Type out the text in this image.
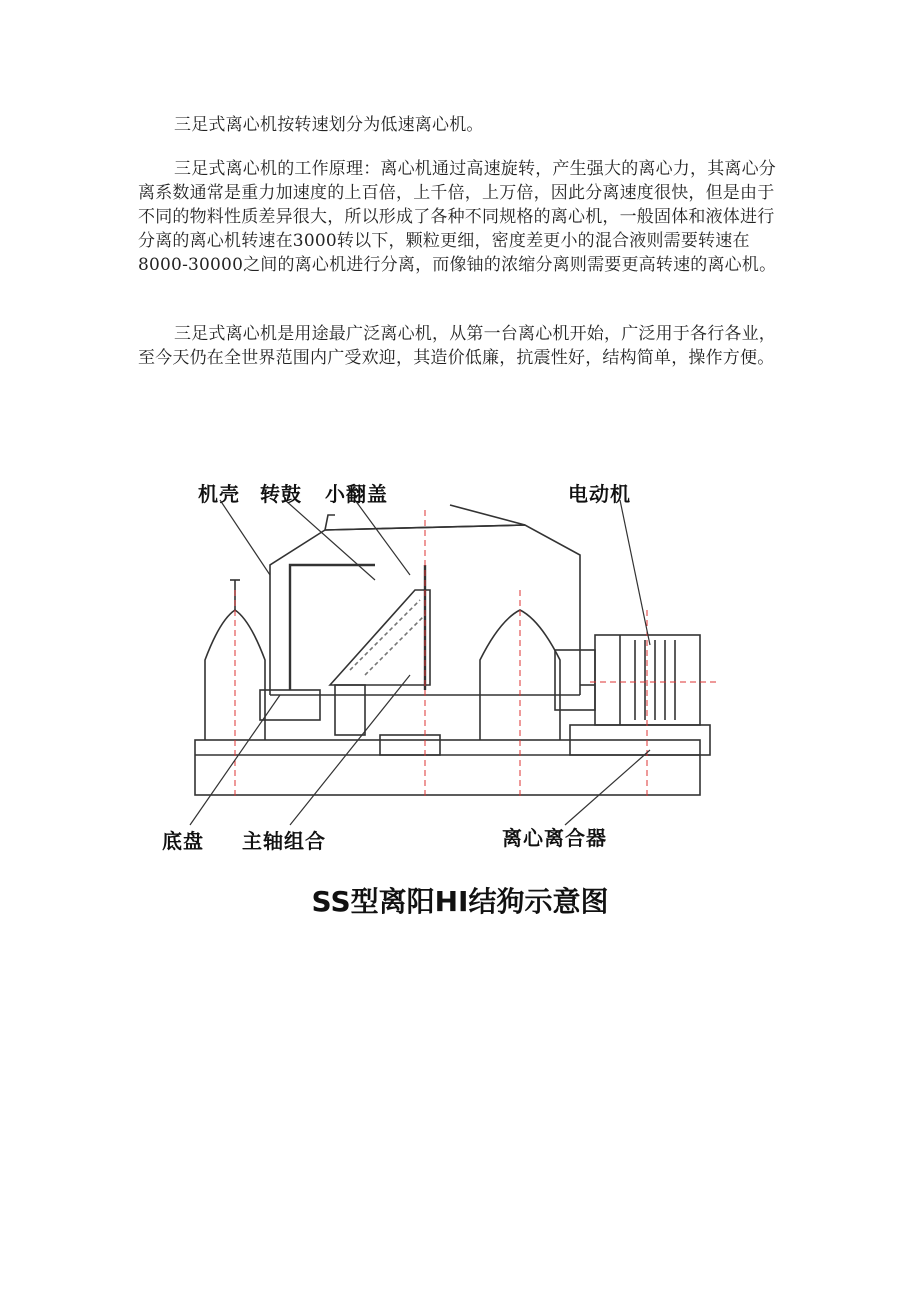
三足式离心机按转速划分为低速离心机。

三足式离心机的工作原理：离心机通过高速旋转，产生强大的离心力，其离心分离系数通常是重力加速度的上百倍，上千倍，上万倍，因此分离速度很快，但是由于不同的物料性质差异很大，所以形成了各种不同规格的离心机，一般固体和液体进行分离的离心机转速在3000转以下，颗粒更细，密度差更小的混合液则需要转速在8000-30000之间的离心机进行分离，而像铀的浓缩分离则需要更高转速的离心机。

三足式离心机是用途最广泛离心机，从第一台离心机开始，广泛用于各行各业，至今天仍在全世界范围内广受欢迎，其造价低廉，抗震性好，结构简单，操作方便。

机壳 转鼓 小翻盖	电动机
底盘 主轴组合	离心离合器
SS型离阳HI结狗示意图
